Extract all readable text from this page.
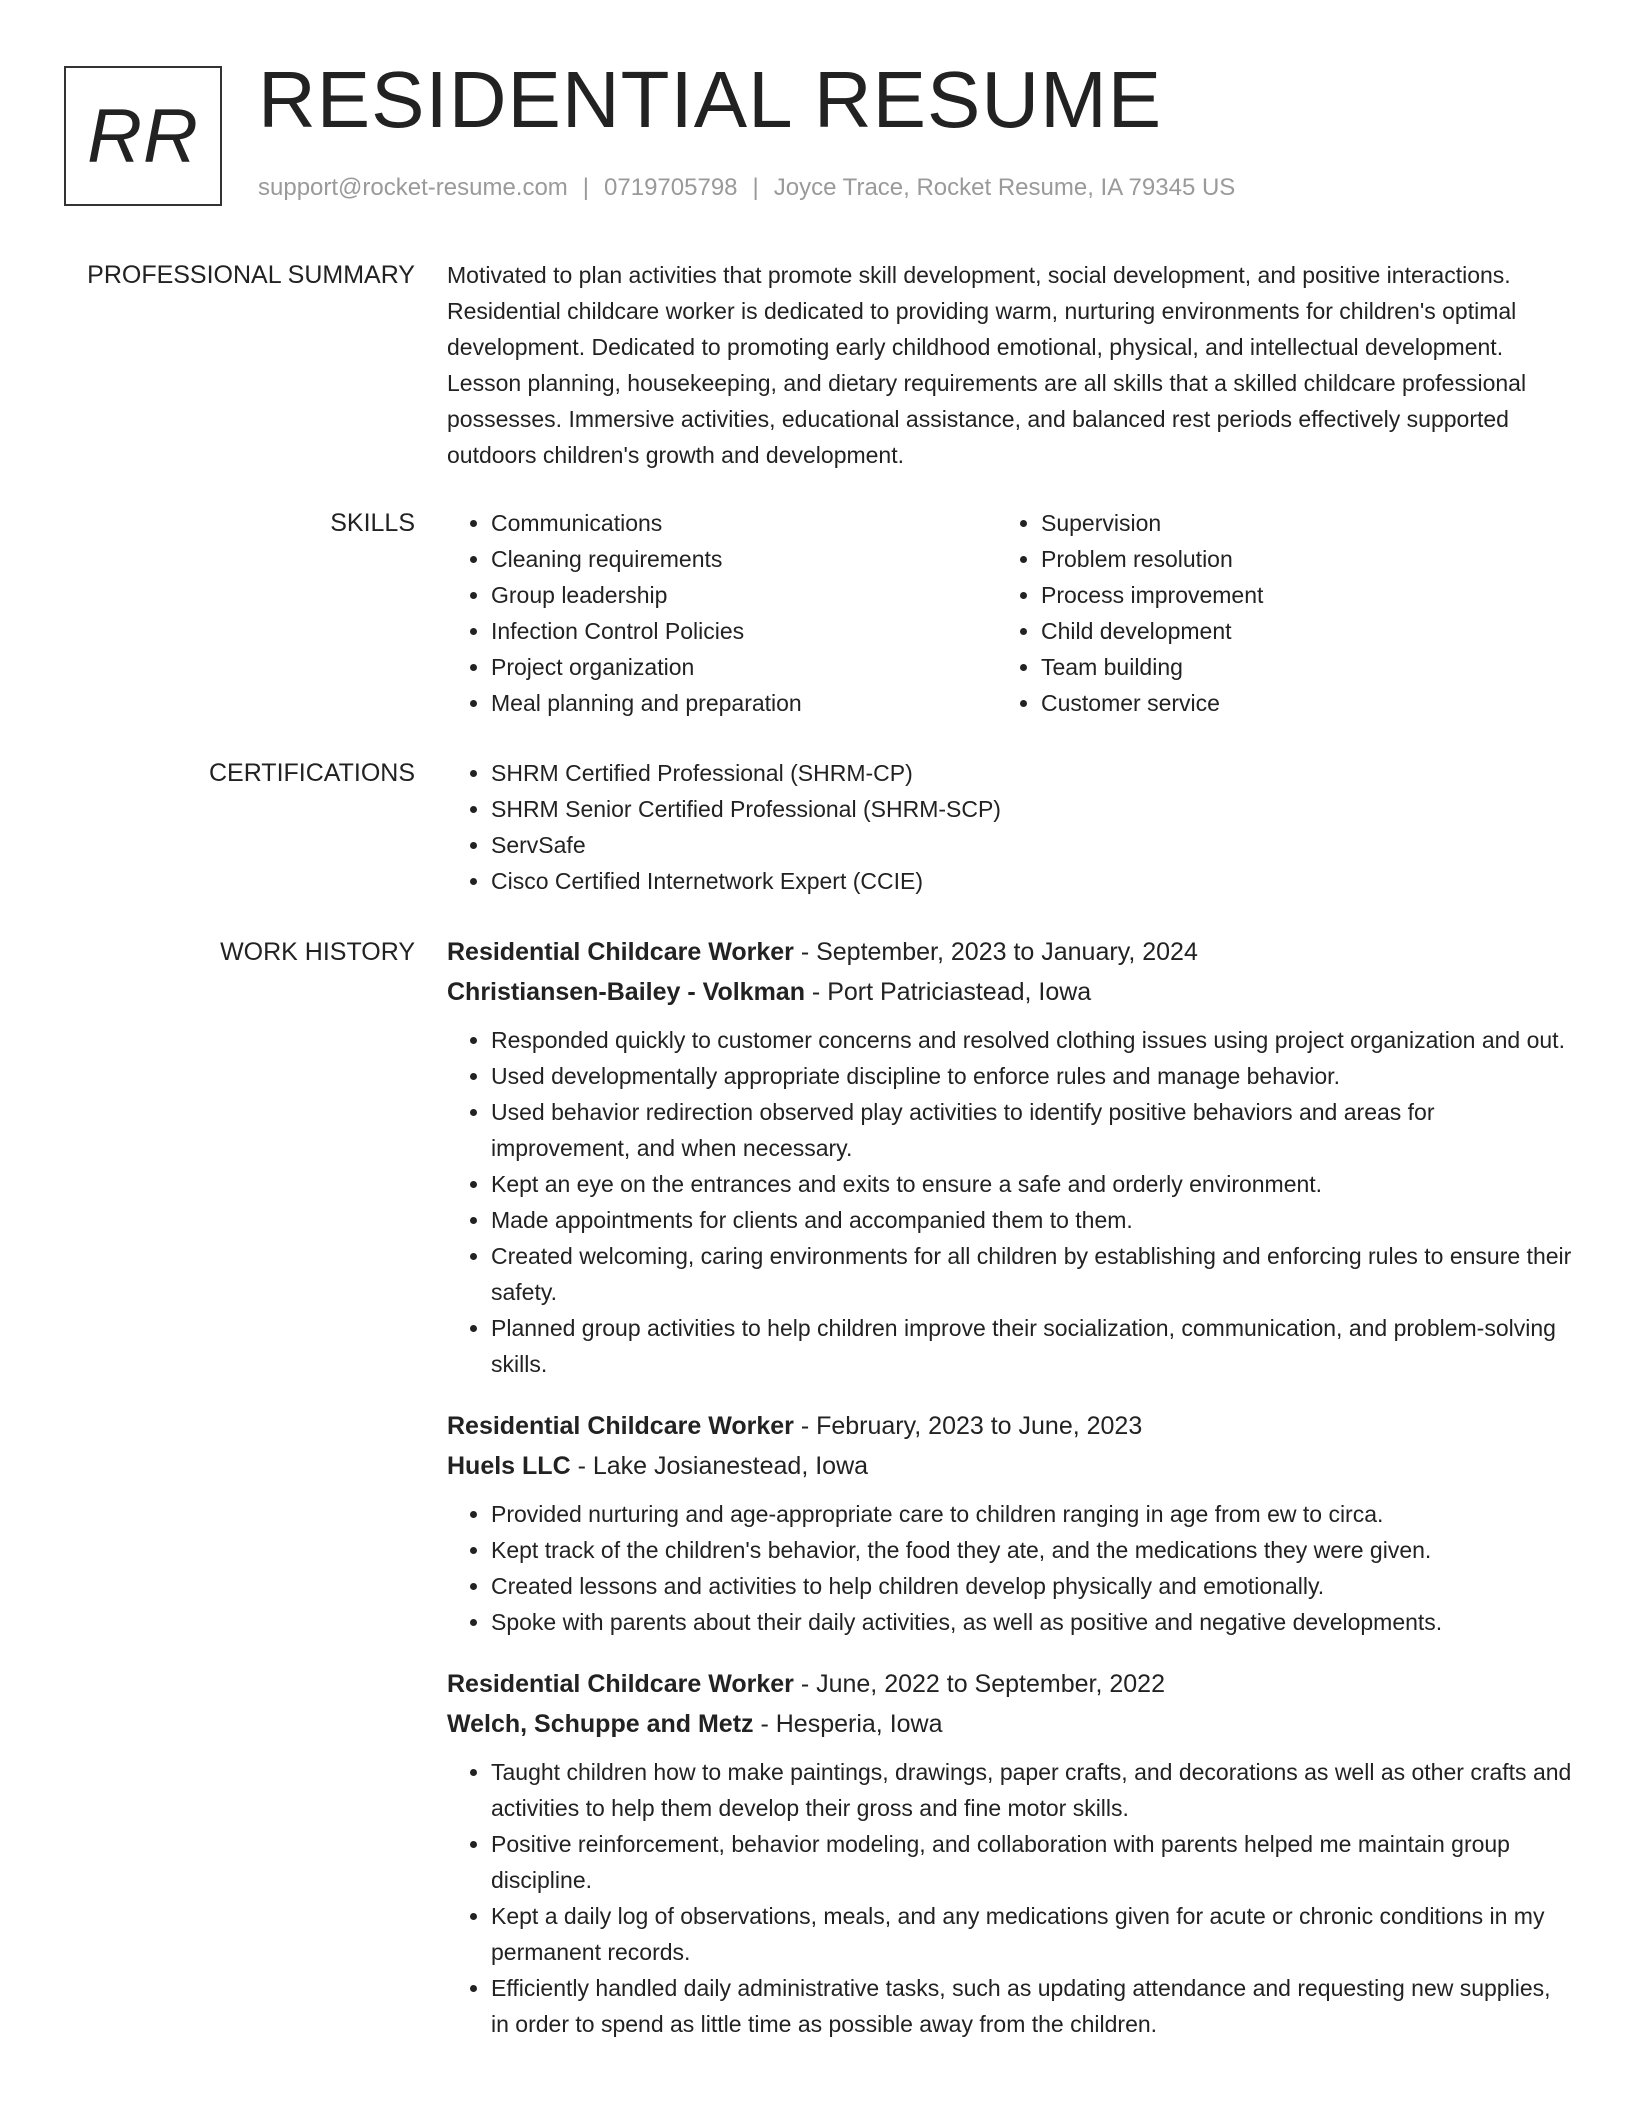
RR RESIDENTIAL RESUME
support@rocket-resume.com | 0719705798 | Joyce Trace, Rocket Resume, IA 79345 US
PROFESSIONAL SUMMARY Motivated to plan activities that promote skill development, social development, and positive interactions. Residential childcare worker is dedicated to providing warm, nurturing environments for children's optimal development. Dedicated to promoting early childhood emotional, physical, and intellectual development. Lesson planning, housekeeping, and dietary requirements are all skills that a skilled childcare professional possesses. Immersive activities, educational assistance, and balanced rest periods effectively supported outdoors children's growth and development.

SKILLS	• Communications
• Cleaning requirements
• Group leadership
• Infection Control Policies
• Project organization
• Meal planning and preparation
• Supervision
• Problem resolution
• Process improvement
• Child development
• Team building
• Customer service
CERTIFICATIONS	• SHRM Certified Professional (SHRM-CP)
• SHRM Senior Certified Professional (SHRM-SCP)
• ServSafe
• Cisco Certified Internetwork Expert (CCIE)
WORK HISTORY Residential Childcare Worker - September, 2023 to January, 2024
Christiansen-Bailey - Volkman - Port Patriciastead, Iowa
• Responded quickly to customer concerns and resolved clothing issues using project organization and out.
• Used developmentally appropriate discipline to enforce rules and manage behavior.
• Used behavior redirection observed play activities to identify positive behaviors and areas for improvement, and when necessary.
• Kept an eye on the entrances and exits to ensure a safe and orderly environment.
• Made appointments for clients and accompanied them to them.
• Created welcoming, caring environments for all children by establishing and enforcing rules to ensure their safety.
• Planned group activities to help children improve their socialization, communication, and problem-solving skills.
Residential Childcare Worker - February, 2023 to June, 2023
Huels LLC - Lake Josianestead, Iowa
• Provided nurturing and age-appropriate care to children ranging in age from ew to circa.
• Kept track of the children's behavior, the food they ate, and the medications they were given.
• Created lessons and activities to help children develop physically and emotionally.
• Spoke with parents about their daily activities, as well as positive and negative developments.
Residential Childcare Worker - June, 2022 to September, 2022
Welch, Schuppe and Metz - Hesperia, Iowa
• Taught children how to make paintings, drawings, paper crafts, and decorations as well as other crafts and activities to help them develop their gross and fine motor skills.
• Positive reinforcement, behavior modeling, and collaboration with parents helped me maintain group discipline.
• Kept a daily log of observations, meals, and any medications given for acute or chronic conditions in my permanent records.
• Efficiently handled daily administrative tasks, such as updating attendance and requesting new supplies, in order to spend as little time as possible away from the children.
